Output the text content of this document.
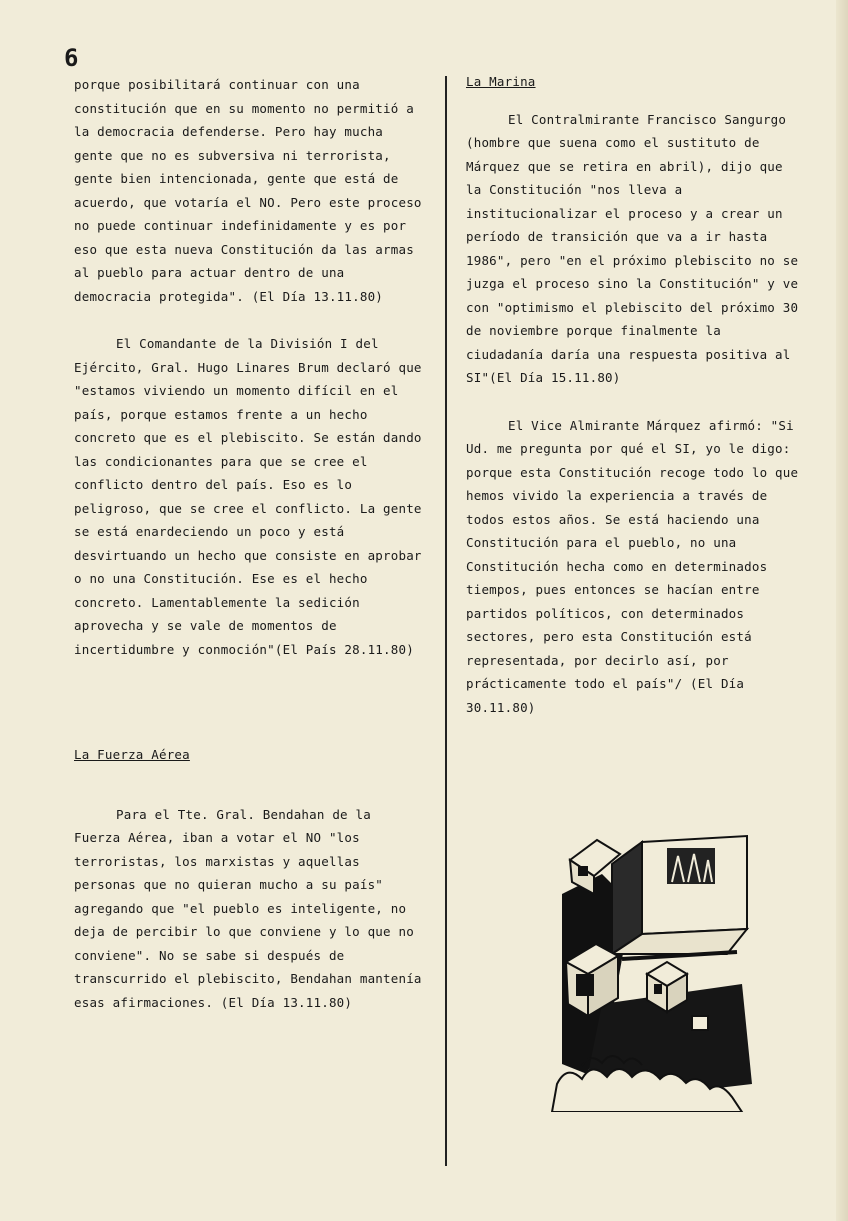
6

porque posibilitará continuar con una constitución que en su momento no permitió a la democracia defenderse. Pero hay mucha gente que no es subversiva ni terrorista, gente bien intencionada, gente que está de acuerdo, que votaría el NO. Pero este proceso no puede continuar indefinidamente y es por eso que esta nueva Constitución da las armas al pueblo para actuar dentro de una democracia protegida". (El Día 13.11.80)

El Comandante de la División I del Ejército, Gral. Hugo Linares Brum declaró que "estamos viviendo un momento difícil en el país, porque estamos frente a un hecho concreto que es el plebiscito. Se están dando las condicionantes para que se cree el conflicto dentro del país. Eso es lo peligroso, que se cree el conflicto. La gente se está enardeciendo un poco y está desvirtuando un hecho que consiste en aprobar o no una Constitución. Ese es el hecho concreto. Lamentablemente la sedición aprovecha y se vale de momentos de incertidumbre y conmoción"(El País 28.11.80)

La Fuerza Aérea

Para el Tte. Gral. Bendahan de la Fuerza Aérea, iban a votar el NO "los terroristas, los marxistas y aquellas personas que no quieran mucho a su país" agregando que "el pueblo es inteligente, no deja de percibir lo que conviene y lo que no conviene". No se sabe si después de transcurrido el plebiscito, Bendahan mantenía esas afirmaciones. (El Día 13.11.80)

La Marina

El Contralmirante Francisco Sangurgo (hombre que suena como el sustituto de Márquez que se retira en abril), dijo que la Constitución "nos lleva a institucionalizar el proceso y a crear un período de transición que va a ir hasta 1986", pero "en el próximo plebiscito no se juzga el proceso sino la Constitución" y ve con "optimismo el plebiscito del próximo 30 de noviembre porque finalmente la ciudadanía daría una respuesta positiva al SI"(El Día 15.11.80)

El Vice Almirante Márquez afirmó: "Si Ud. me pregunta por qué el SI, yo le digo: porque esta Constitución recoge todo lo que hemos vivido la experiencia a través de todos estos años. Se está haciendo una Constitución para el pueblo, no una Constitución hecha como en determinados tiempos, pues entonces se hacían entre partidos políticos, con determinados sectores, pero esta Constitución está representada, por decirlo así, por prácticamente todo el país"/ (El Día 30.11.80)
